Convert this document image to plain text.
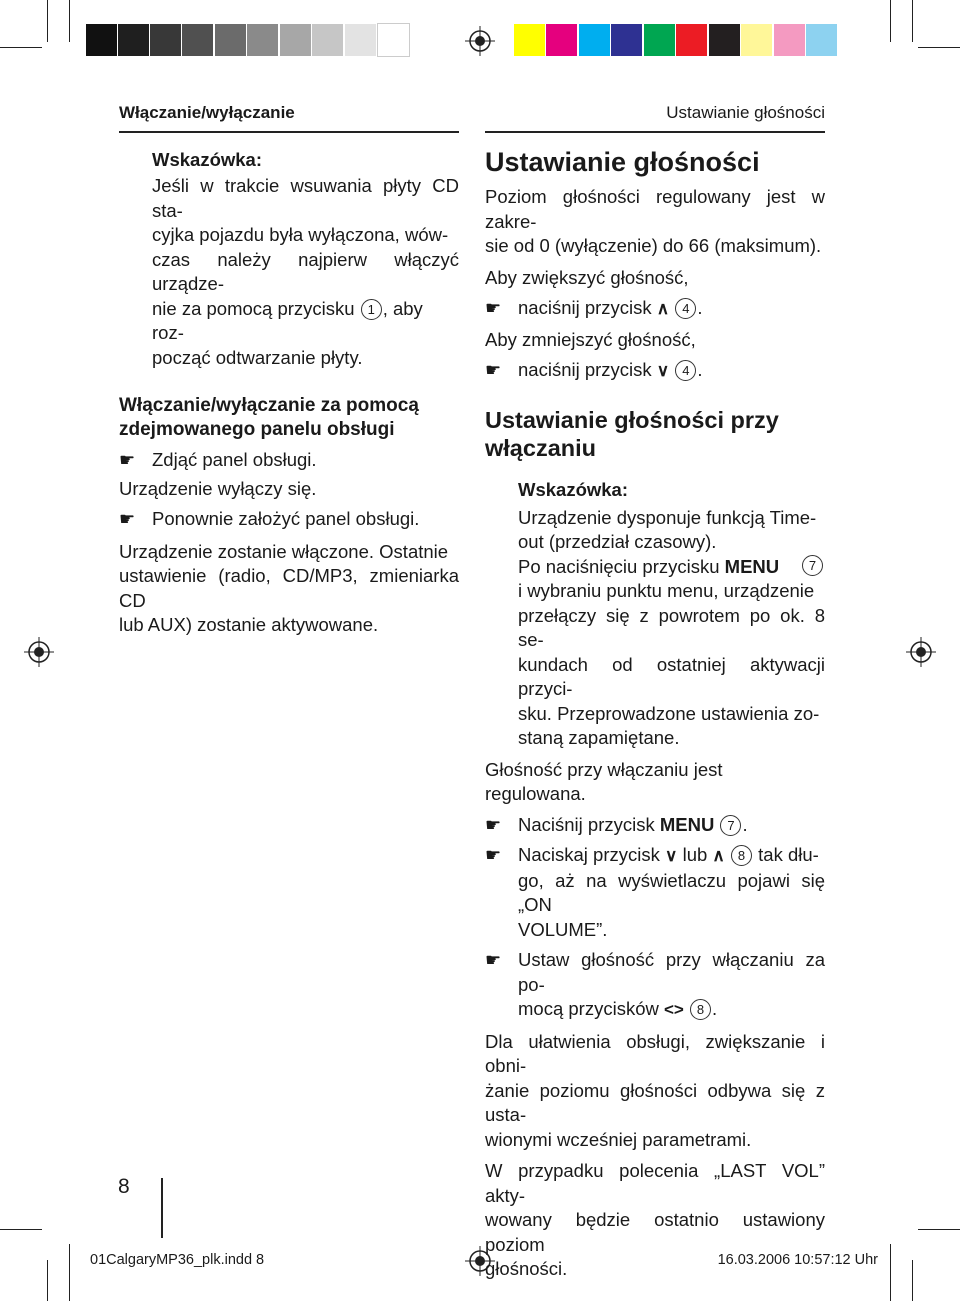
Włączanie/wyłączanie	Ustawianie głośności
Wskazówka:
Jeśli w trakcie wsuwania płyty CD sta-
cyjka pojazdu była wyłączona, wów-
czas należy najpierw włączyć urządze-
nie za pomocą przycisku 1 , aby roz-
począć odtwarzanie płyty.
Włączanie/wyłączanie za pomocą
zdejmowanego panelu obsługi
☛ Zdjąć panel obsługi.
Urządzenie wyłączy się.
☛ Ponownie założyć panel obsługi.
Urządzenie zostanie włączone. Ostatnie
ustawienie (radio, CD/MP3, zmieniarka CD
lub AUX) zostanie aktywowane.
Ustawianie głośności
Poziom głośności regulowany jest w zakre-
sie od 0 (wyłączenie) do 66 (maksimum).
Aby zwiększyć głośność,
☛ naciśnij przycisk ∧ 4 .
Aby zmniejszyć głośność,
☛ naciśnij przycisk ∨ 4 .
Ustawianie głośności przy
włączaniu
Wskazówka:
Urządzenie dysponuje funkcją Time-
out (przedział czasowy).
Po naciśnięciu przycisku MENU	7
i wybraniu punktu menu, urządzenie
przełączy się z powrotem po ok. 8 se-
kundach od ostatniej aktywacji przyci-
sku. Przeprowadzone ustawienia zo-
staną zapamiętane.
Głośność przy włączaniu jest regulowana.
☛ Naciśnij przycisk MENU 7 .
☛ Naciskaj przycisk ∨ lub ∧ 8 tak dłu-
go, aż na wyświetlaczu pojawi się „ON
VOLUME”.
☛ Ustaw głośność przy włączaniu za po-
mocą przycisków <> 8 .
Dla ułatwienia obsługi, zwiększanie i obni-
żanie poziomu głośności odbywa się z usta-
wionymi wcześniej parametrami.
W przypadku polecenia „LAST VOL” akty-
wowany będzie ostatnio ustawiony poziom
głośności.
8
01CalgaryMP36_plk.indd 8	16.03.2006 10:57:12 Uhr
